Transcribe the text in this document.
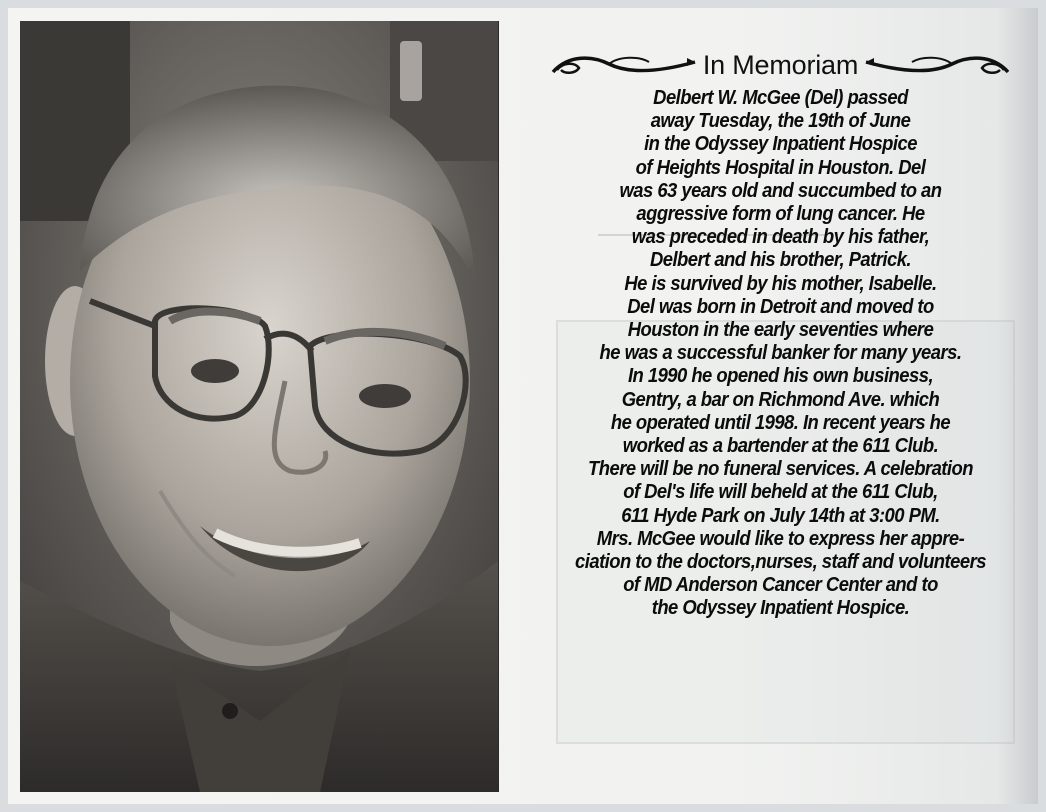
In Memoriam
Delbert W. McGee (Del) passed
away Tuesday, the 19th of June
in the Odyssey Inpatient Hospice
of Heights Hospital in Houston. Del
was 63 years old and succumbed to an
aggressive form of lung cancer. He
was preceded in death by his father,
Delbert and his brother, Patrick.
He is survived by his mother, Isabelle.
Del was born in Detroit and moved to
Houston in the early seventies where
he was a successful banker for many years.
In 1990 he opened his own business,
Gentry, a bar on Richmond Ave. which
he operated until 1998. In recent years he
worked as a bartender at the 611 Club.
There will be no funeral services. A celebration
of Del's life will beheld at the 611 Club,
611 Hyde Park on July 14th at 3:00 PM.
Mrs. McGee would like to express her appre-
ciation to the doctors,nurses, staff and volunteers
of MD Anderson Cancer Center and to
the Odyssey Inpatient Hospice.
